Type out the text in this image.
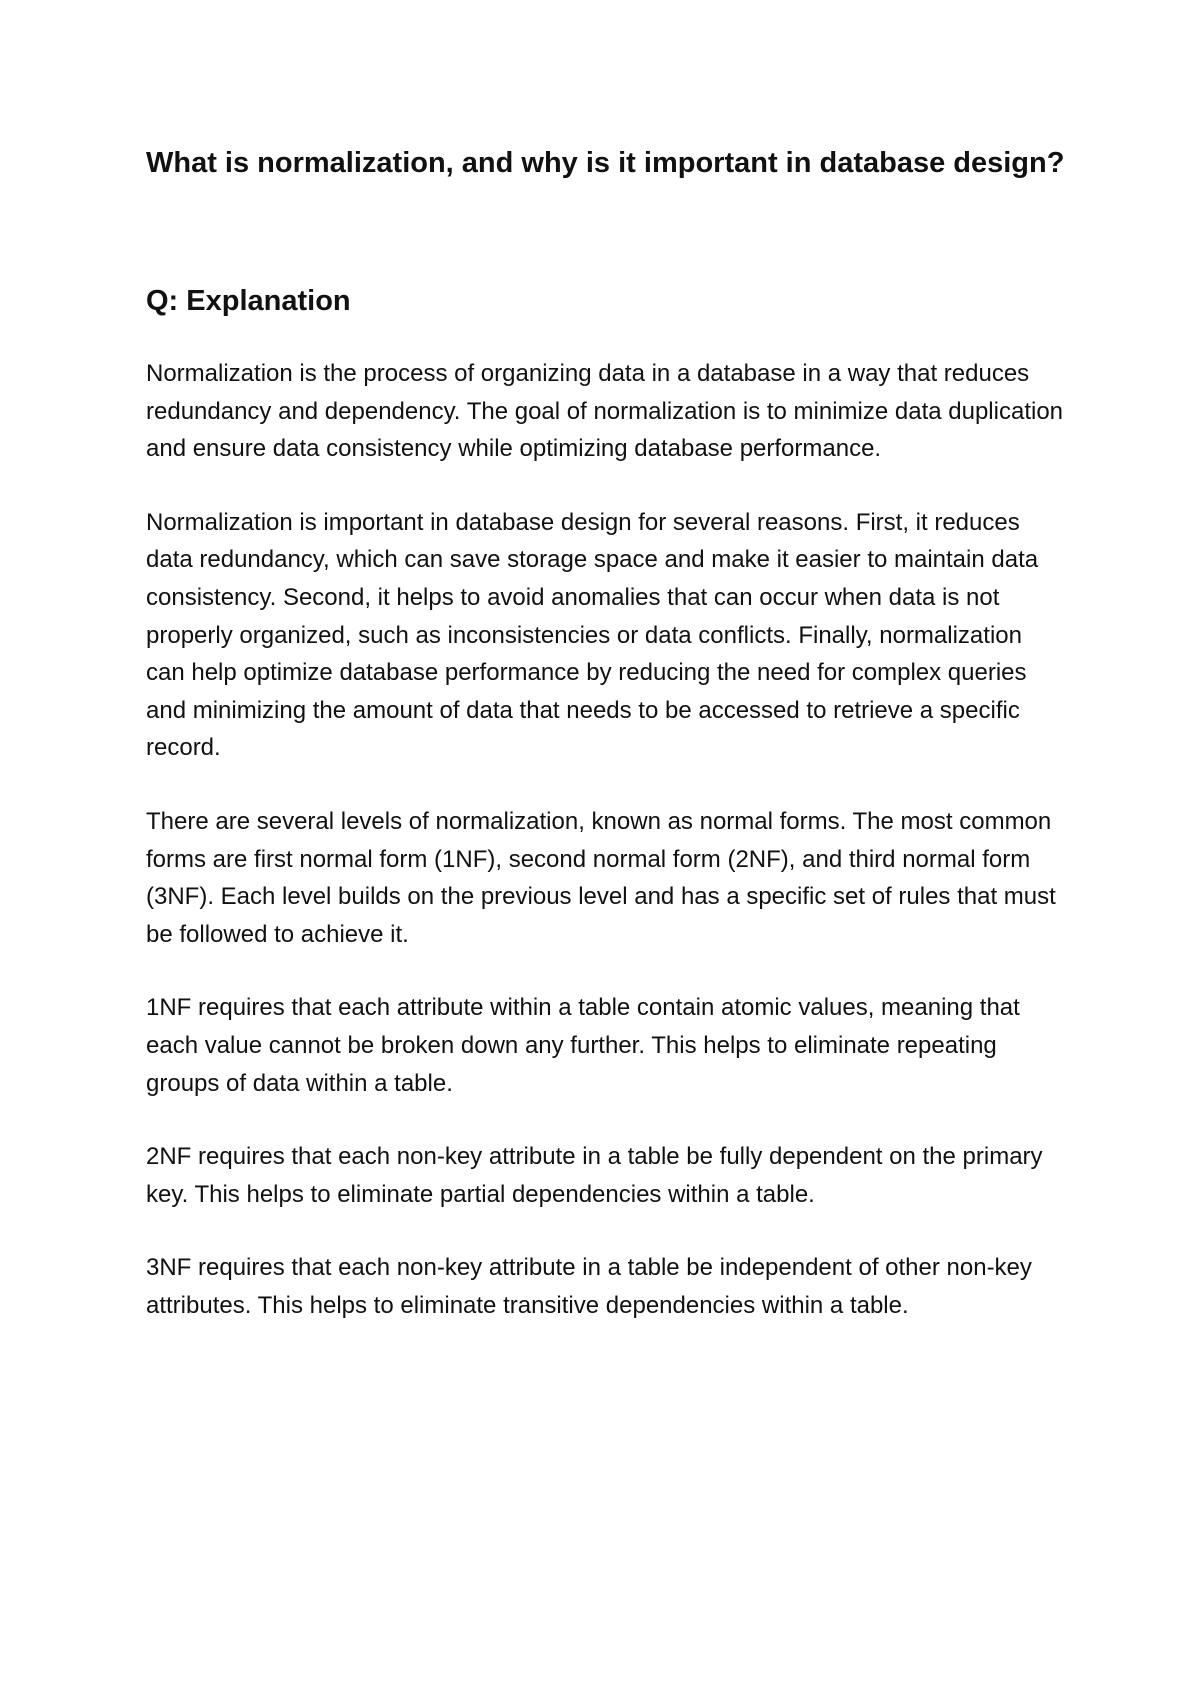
What is normalization, and why is it important in database design?
Q: Explanation

Normalization is the process of organizing data in a database in a way that reduces redundancy and dependency. The goal of normalization is to minimize data duplication and ensure data consistency while optimizing database performance.

Normalization is important in database design for several reasons. First, it reduces data redundancy, which can save storage space and make it easier to maintain data consistency. Second, it helps to avoid anomalies that can occur when data is not properly organized, such as inconsistencies or data conflicts. Finally, normalization can help optimize database performance by reducing the need for complex queries and minimizing the amount of data that needs to be accessed to retrieve a specific record.

There are several levels of normalization, known as normal forms. The most common forms are first normal form (1NF), second normal form (2NF), and third normal form (3NF). Each level builds on the previous level and has a specific set of rules that must be followed to achieve it.

1NF requires that each attribute within a table contain atomic values, meaning that each value cannot be broken down any further. This helps to eliminate repeating groups of data within a table.

2NF requires that each non-key attribute in a table be fully dependent on the primary key. This helps to eliminate partial dependencies within a table.

3NF requires that each non-key attribute in a table be independent of other non-key attributes. This helps to eliminate transitive dependencies within a table.
